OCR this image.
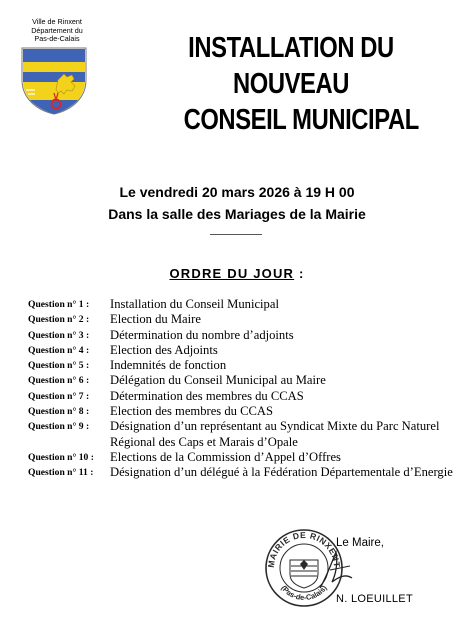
Ville de Rinxent
Département du
Pas-de-Calais	INSTALLATION DU
NOUVEAU
CONSEIL MUNICIPAL
Le vendredi 20 mars 2026 à 19 H 00
Dans la salle des Mariages de la Mairie
ORDRE DU JOUR :
Question n° 1 :	Installation du Conseil Municipal
Question n° 2 :	Election du Maire
Question n° 3 :	Détermination du nombre d’adjoints
Question n° 4 :	Election des Adjoints
Question n° 5 :	Indemnités de fonction
Question n° 6 :	Délégation du Conseil Municipal au Maire
Question n° 7 :	Détermination des membres du CCAS
Question n° 8 :	Election des membres du CCAS
Question n° 9 :	Désignation d’un représentant au Syndicat Mixte du Parc Naturel Régional des Caps et Marais d’Opale
Question n° 10 :	Elections de la Commission d’Appel d’Offres
Question n° 11 :	Désignation d’un délégué à la Fédération Départementale d’Energie
MAIRIE DE RINXENT
(Pas-de-Calais)
Le Maire,
N. LOEUILLET
